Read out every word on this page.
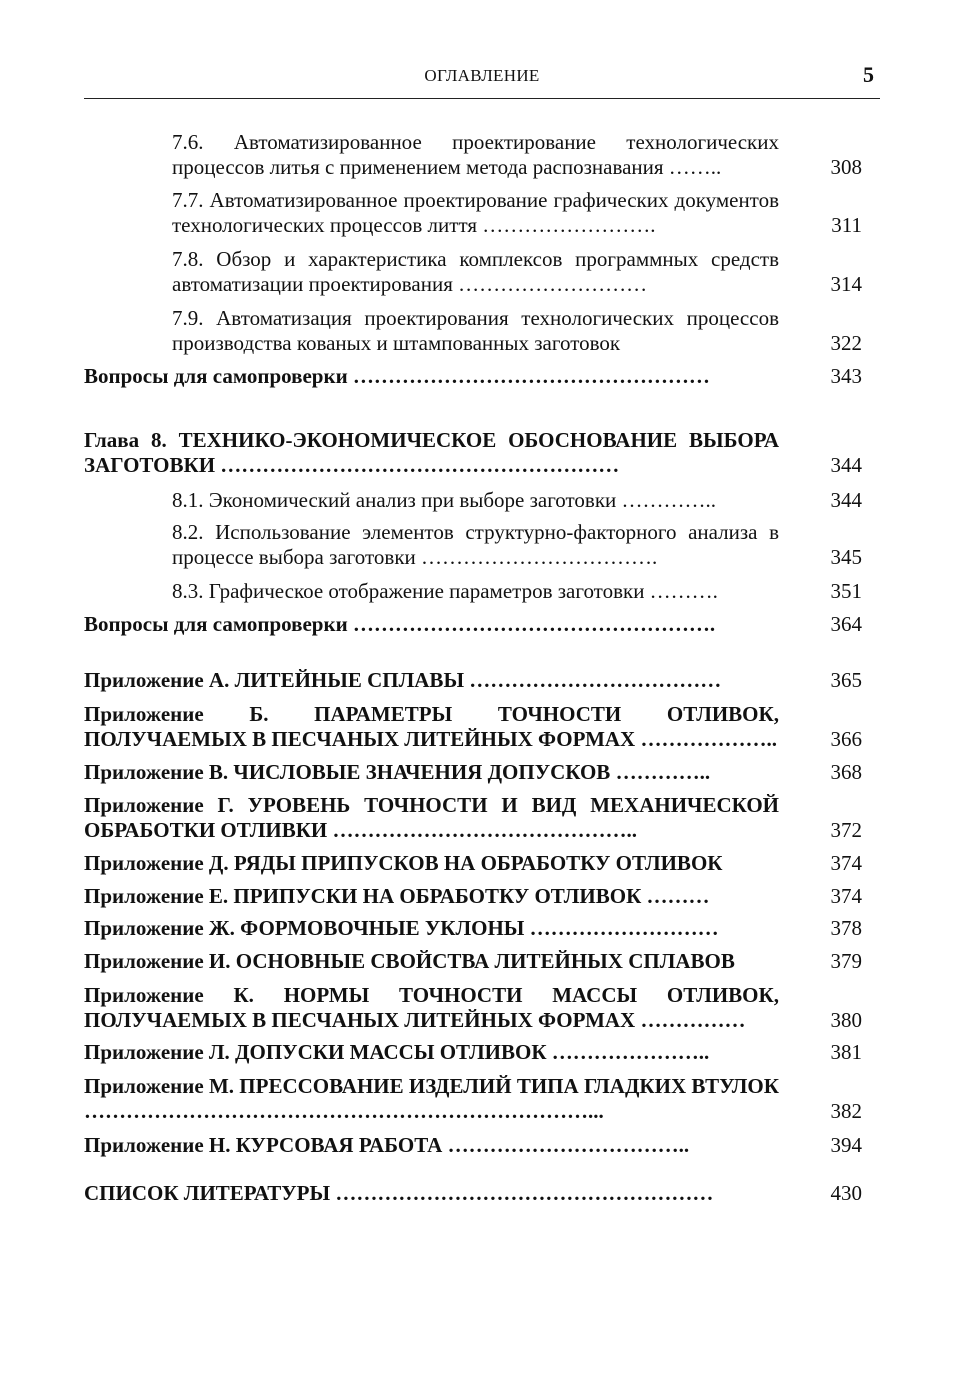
ОГЛАВЛЕНИЕ	5
7.6. Автоматизированное проектирование технологических процессов литья с применением метода распознавания ……..	308
7.7. Автоматизированное проектирование графических документов технологических процессов лиття …………………….	311
7.8. Обзор и характеристика комплексов программных средств автоматизации проектирования ………………………	314
7.9. Автоматизация проектирования технологических процессов производства кованых и штампованных заготовок	322
Вопросы для самопроверки ……………………………………………	343
Глава 8. ТЕХНИКО-ЭКОНОМИЧЕСКОЕ ОБОСНОВАНИЕ ВЫБОРА ЗАГОТОВКИ …………………………………………………	344
8.1. Экономический анализ при выборе заготовки …………..	344
8.2. Использование элементов структурно-факторного анализа в процессе выбора заготовки …………………………….	345
8.3. Графическое отображение параметров заготовки ……….	351
Вопросы для самопроверки …………………………………………….	364
Приложение А. ЛИТЕЙНЫЕ СПЛАВЫ ………………………………	365
Приложение Б. ПАРАМЕТРЫ ТОЧНОСТИ ОТЛИВОК, ПОЛУЧАЕМЫХ В ПЕСЧАНЫХ ЛИТЕЙНЫХ ФОРМАХ ………………..	366
Приложение В. ЧИСЛОВЫЕ ЗНАЧЕНИЯ ДОПУСКОВ …………..	368
Приложение Г. УРОВЕНЬ ТОЧНОСТИ И ВИД МЕХАНИЧЕСКОЙ ОБРАБОТКИ ОТЛИВКИ ……………………………………..	372
Приложение Д. РЯДЫ ПРИПУСКОВ НА ОБРАБОТКУ ОТЛИВОК	374
Приложение Е. ПРИПУСКИ НА ОБРАБОТКУ ОТЛИВОК ………	374
Приложение Ж. ФОРМОВОЧНЫЕ УКЛОНЫ ………………………	378
Приложение И. ОСНОВНЫЕ СВОЙСТВА ЛИТЕЙНЫХ СПЛАВОВ	379
Приложение К. НОРМЫ ТОЧНОСТИ МАССЫ ОТЛИВОК, ПОЛУЧАЕМЫХ В ПЕСЧАНЫХ ЛИТЕЙНЫХ ФОРМАХ ……………	380
Приложение Л. ДОПУСКИ МАССЫ ОТЛИВОК …………………..	381
Приложение М. ПРЕССОВАНИЕ ИЗДЕЛИЙ ТИПА ГЛАДКИХ ВТУЛОК ………………………………………………………………...	382
Приложение Н. КУРСОВАЯ РАБОТА ……………………………..	394
СПИСОК ЛИТЕРАТУРЫ ………………………………………………	430
